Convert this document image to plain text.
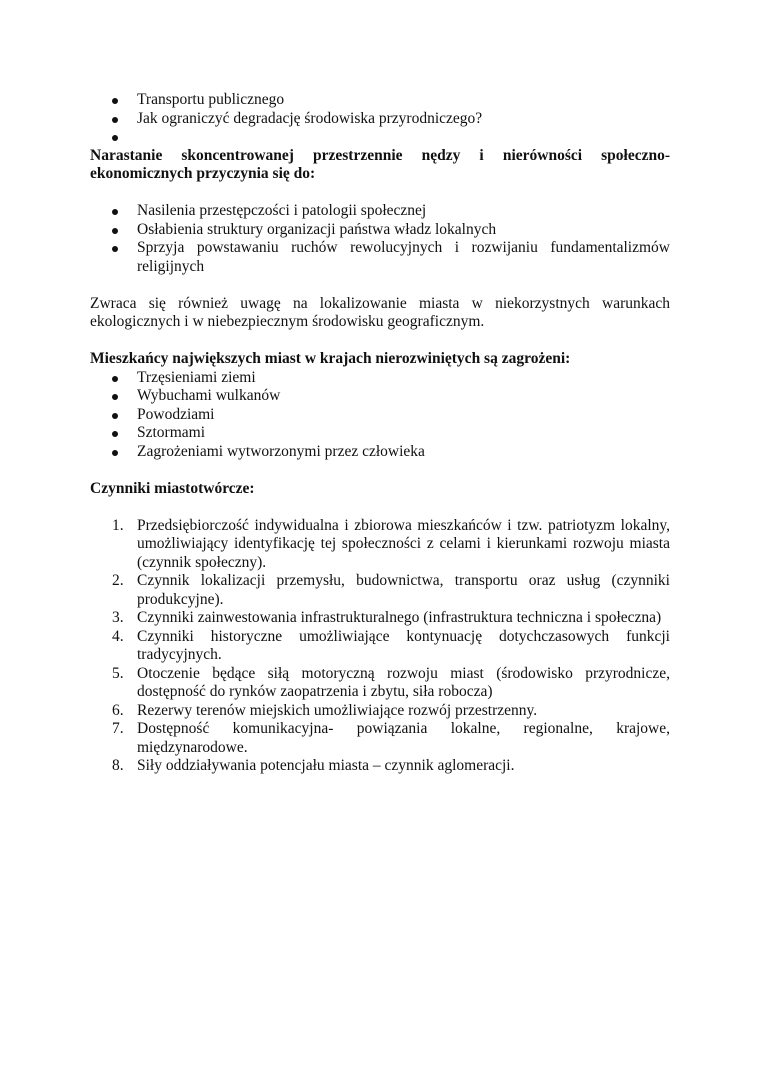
Transportu publicznego
Jak ograniczyć degradację środowiska przyrodniczego?

Narastanie skoncentrowanej przestrzennie nędzy i nierówności społeczno-ekonomicznych przyczynia się do:

Nasilenia przestępczości i patologii społecznej
Osłabienia struktury organizacji państwa władz lokalnych
Sprzyja powstawaniu ruchów rewolucyjnych i rozwijaniu fundamentalizmów religijnych

Zwraca się również uwagę na lokalizowanie miasta w niekorzystnych warunkach ekologicznych i w niebezpiecznym środowisku geograficznym.

Mieszkańcy największych miast w krajach nierozwiniętych są zagrożeni:

Trzęsieniami ziemi
Wybuchami wulkanów
Powodziami
Sztormami
Zagrożeniami wytworzonymi przez człowieka

Czynniki miastotwórcze:

1. Przedsiębiorczość indywidualna i zbiorowa mieszkańców i tzw. patriotyzm lokalny, umożliwiający identyfikację tej społeczności z celami i kierunkami rozwoju miasta (czynnik społeczny).
2. Czynnik lokalizacji przemysłu, budownictwa, transportu oraz usług (czynniki produkcyjne).
3. Czynniki zainwestowania infrastrukturalnego (infrastruktura techniczna i społeczna)
4. Czynniki historyczne umożliwiające kontynuację dotychczasowych funkcji tradycyjnych.
5. Otoczenie będące siłą motoryczną rozwoju miast (środowisko przyrodnicze, dostępność do rynków zaopatrzenia i zbytu, siła robocza)
6. Rezerwy terenów miejskich umożliwiające rozwój przestrzenny.
7. Dostępność komunikacyjna- powiązania lokalne, regionalne, krajowe, międzynarodowe.
8. Siły oddziaływania potencjału miasta – czynnik aglomeracji.
